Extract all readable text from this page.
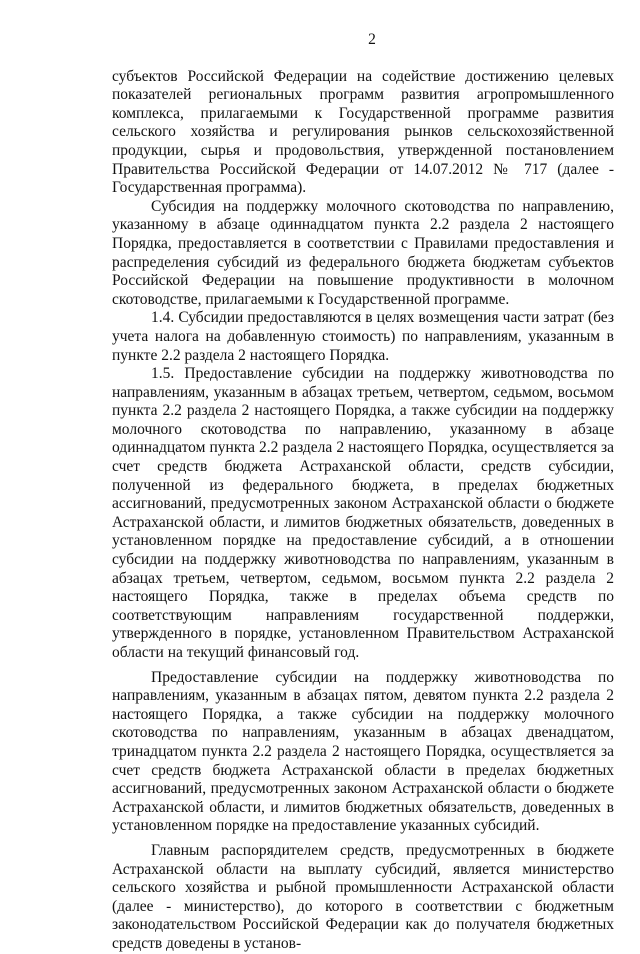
2

субъектов Российской Федерации на содействие достижению целевых показателей региональных программ развития агропромышленного комплекса, прилагаемыми к Государственной программе развития сельского хозяйства и регулирования рынков сельскохозяйственной продукции, сырья и продовольствия, утвержденной постановлением Правительства Российской Федерации от 14.07.2012 № 717 (далее - Государственная программа).

Субсидия на поддержку молочного скотоводства по направлению, указанному в абзаце одиннадцатом пункта 2.2 раздела 2 настоящего Порядка, предоставляется в соответствии с Правилами предоставления и распределения субсидий из федерального бюджета бюджетам субъектов Российской Федерации на повышение продуктивности в молочном скотоводстве, прилагаемыми к Государственной программе.

1.4. Субсидии предоставляются в целях возмещения части затрат (без учета налога на добавленную стоимость) по направлениям, указанным в пункте 2.2 раздела 2 настоящего Порядка.

1.5. Предоставление субсидии на поддержку животноводства по направлениям, указанным в абзацах третьем, четвертом, седьмом, восьмом пункта 2.2 раздела 2 настоящего Порядка, а также субсидии на поддержку молочного скотоводства по направлению, указанному в абзаце одиннадцатом пункта 2.2 раздела 2 настоящего Порядка, осуществляется за счет средств бюджета Астраханской области, средств субсидии, полученной из федерального бюджета, в пределах бюджетных ассигнований, предусмотренных законом Астраханской области о бюджете Астраханской области, и лимитов бюджетных обязательств, доведенных в установленном порядке на предоставление субсидий, а в отношении субсидии на поддержку животноводства по направлениям, указанным в абзацах третьем, четвертом, седьмом, восьмом пункта 2.2 раздела 2 настоящего Порядка, также в пределах объема средств по соответствующим направлениям государственной поддержки, утвержденного в порядке, установленном Правительством Астраханской области на текущий финансовый год.

Предоставление субсидии на поддержку животноводства по направлениям, указанным в абзацах пятом, девятом пункта 2.2 раздела 2 настоящего Порядка, а также субсидии на поддержку молочного скотоводства по направлениям, указанным в абзацах двенадцатом, тринадцатом пункта 2.2 раздела 2 настоящего Порядка, осуществляется за счет средств бюджета Астраханской области в пределах бюджетных ассигнований, предусмотренных законом Астраханской области о бюджете Астраханской области, и лимитов бюджетных обязательств, доведенных в установленном порядке на предоставление указанных субсидий.

Главным распорядителем средств, предусмотренных в бюджете Астраханской области на выплату субсидий, является министерство сельского хозяйства и рыбной промышленности Астраханской области (далее - министерство), до которого в соответствии с бюджетным законодательством Российской Федерации как до получателя бюджетных средств доведены в установ-
